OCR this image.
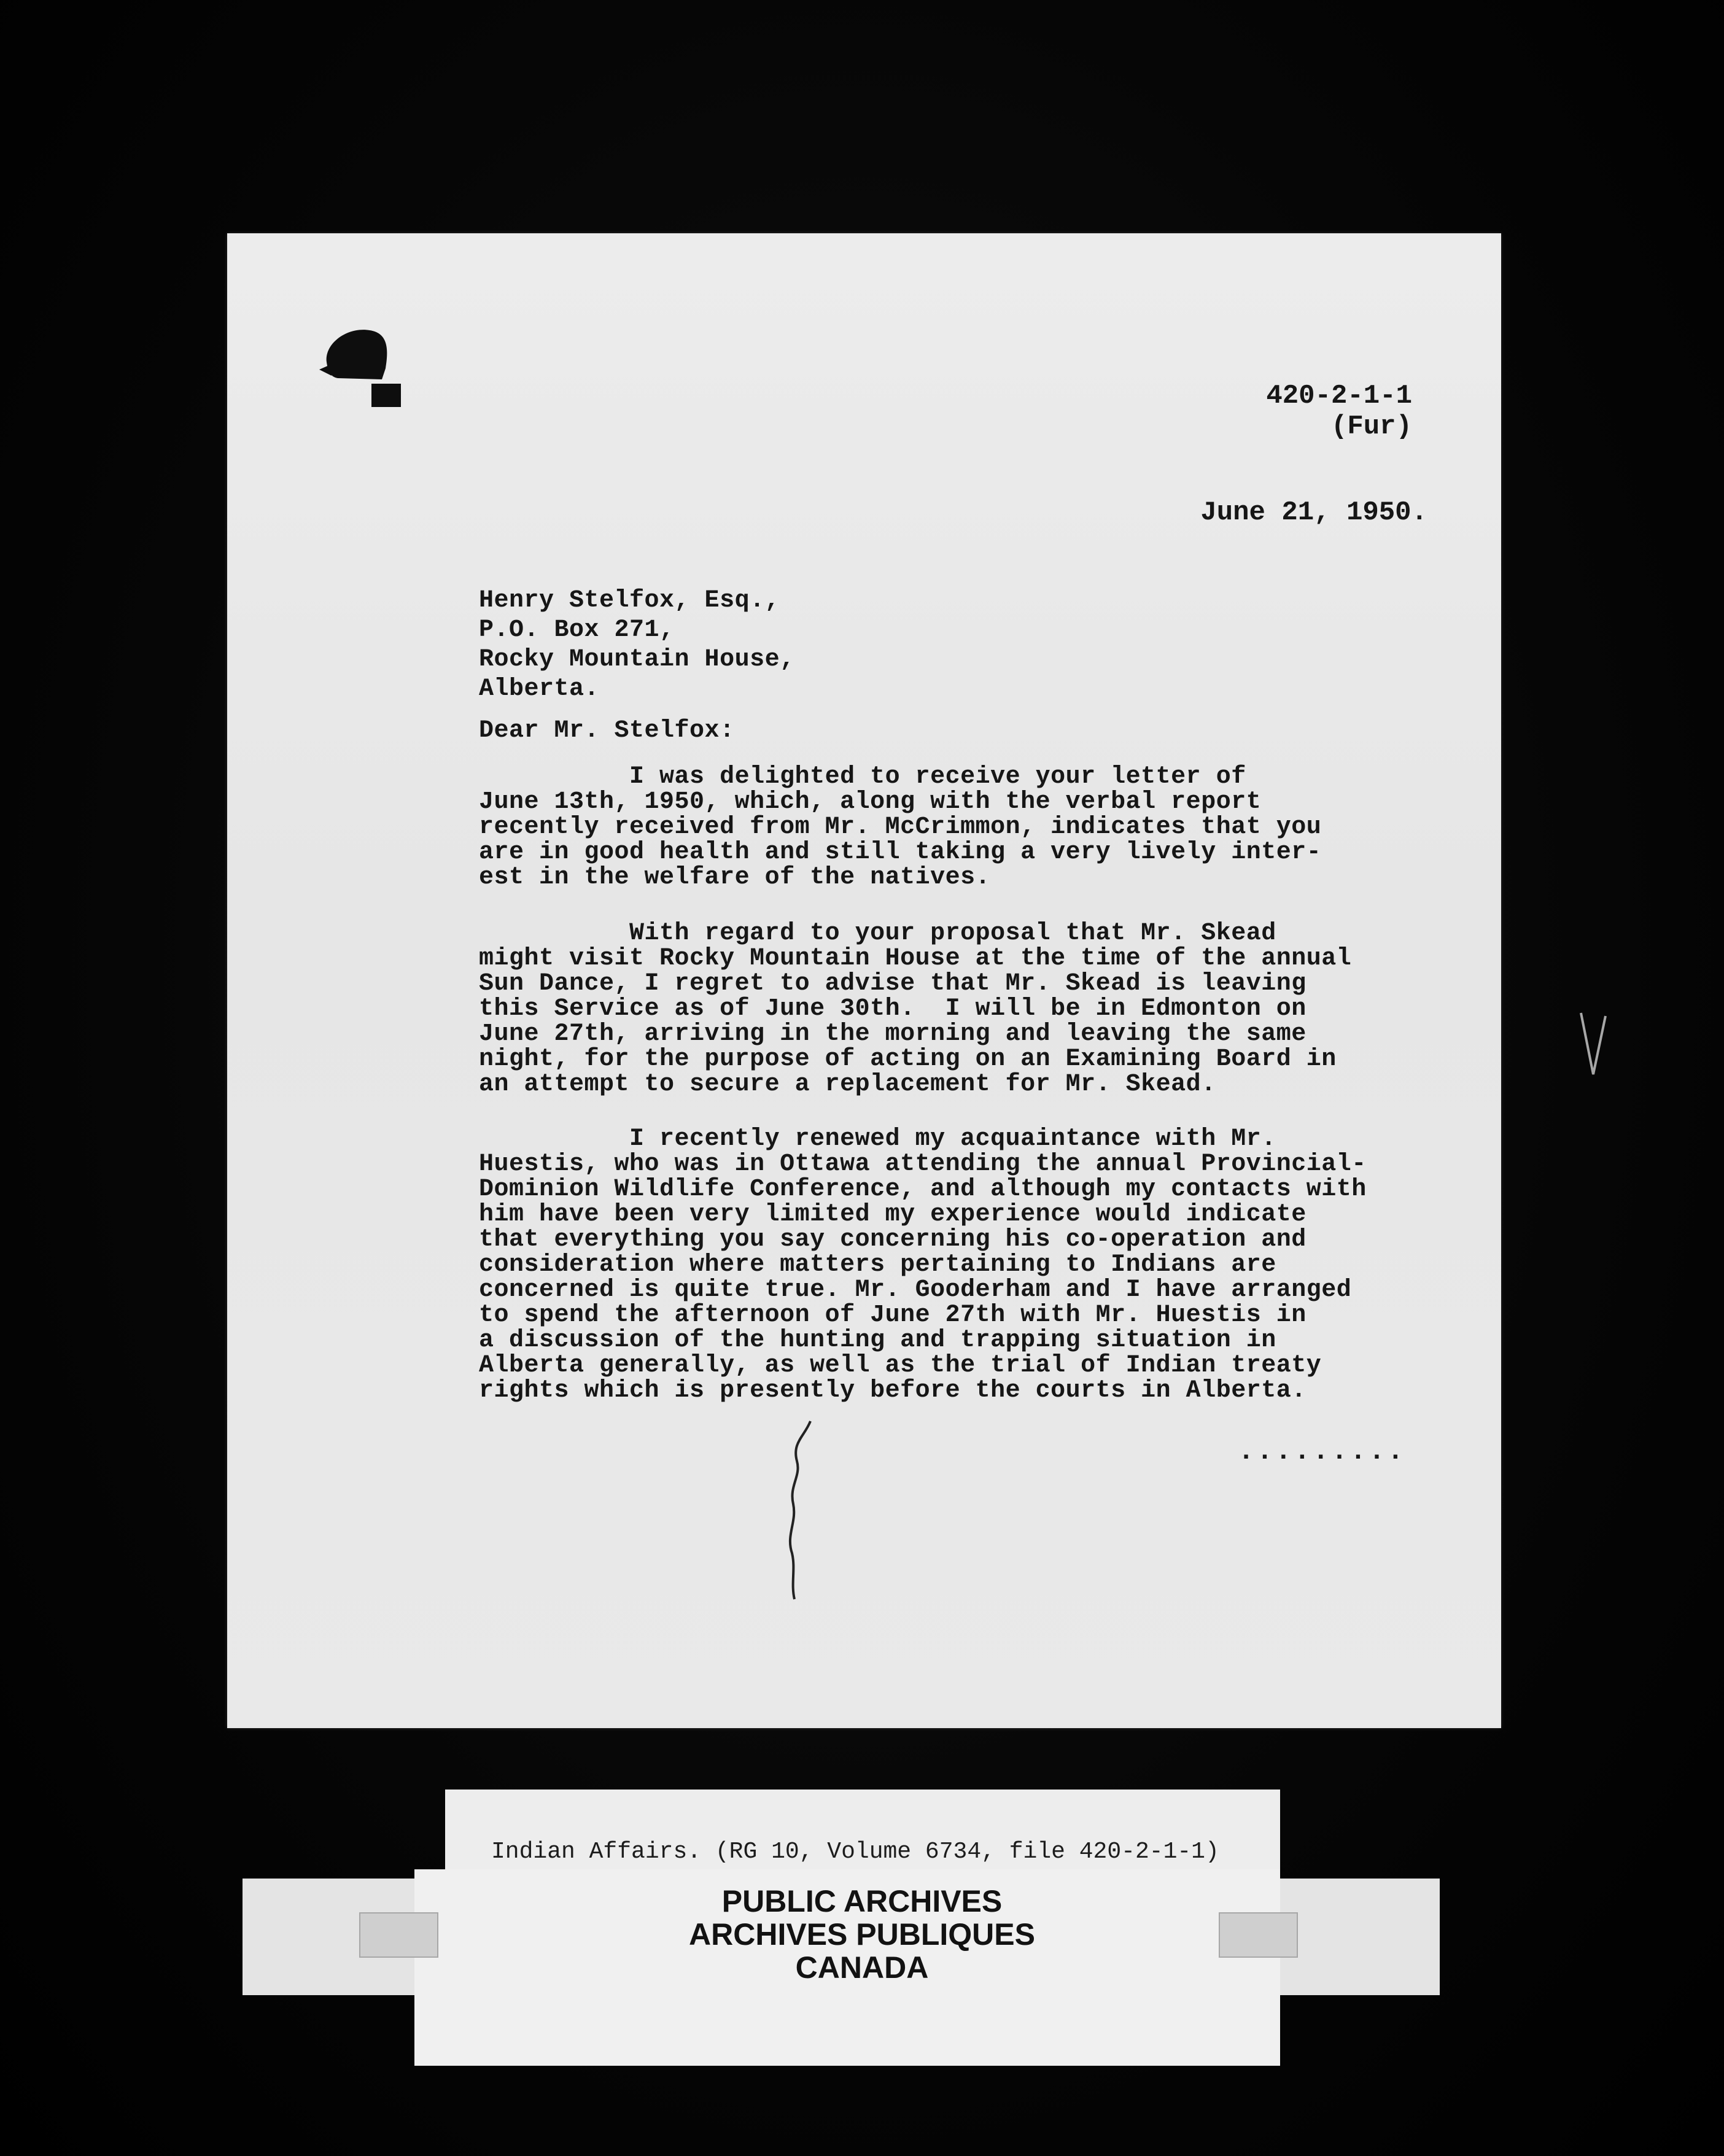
420-2-1-1
(Fur)
June 21, 1950.
Henry Stelfox, Esq.,
P.O. Box 271,
Rocky Mountain House,
Alberta.
Dear Mr. Stelfox:
I was delighted to receive your letter of
June 13th, 1950, which, along with the verbal report
recently received from Mr. McCrimmon, indicates that you
are in good health and still taking a very lively inter-
est in the welfare of the natives.
With regard to your proposal that Mr. Skead
might visit Rocky Mountain House at the time of the annual
Sun Dance, I regret to advise that Mr. Skead is leaving
this Service as of June 30th.  I will be in Edmonton on
June 27th, arriving in the morning and leaving the same
night, for the purpose of acting on an Examining Board in
an attempt to secure a replacement for Mr. Skead.
I recently renewed my acquaintance with Mr.
Huestis, who was in Ottawa attending the annual Provincial-
Dominion Wildlife Conference, and although my contacts with
him have been very limited my experience would indicate
that everything you say concerning his co-operation and
consideration where matters pertaining to Indians are
concerned is quite true. Mr. Gooderham and I have arranged
to spend the afternoon of June 27th with Mr. Huestis in
a discussion of the hunting and trapping situation in
Alberta generally, as well as the trial of Indian treaty
rights which is presently before the courts in Alberta.
.........
Indian Affairs. (RG 10, Volume 6734, file 420-2-1-1)
PUBLIC ARCHIVES
ARCHIVES PUBLIQUES
CANADA
